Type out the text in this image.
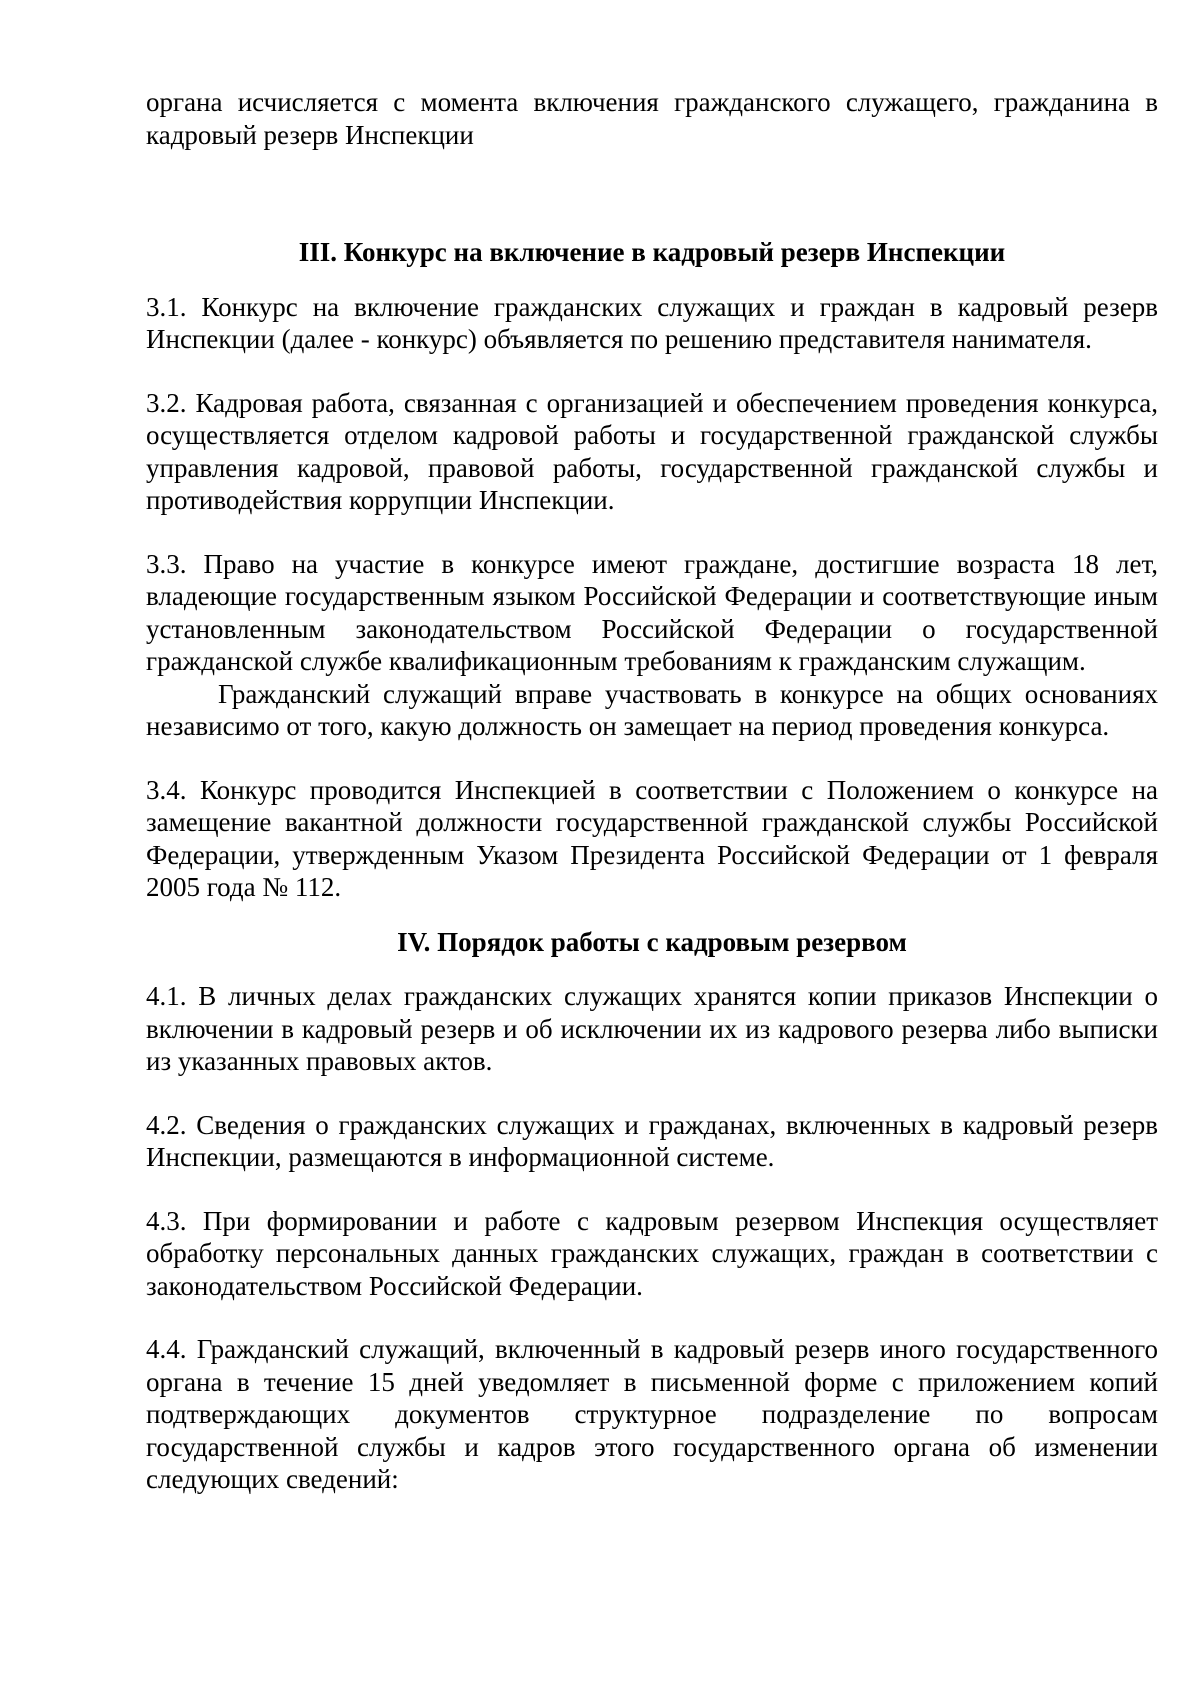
органа исчисляется с момента включения гражданского служащего, гражданина в кадровый резерв Инспекции

III. Конкурс на включение в кадровый резерв Инспекции

3.1. Конкурс на включение гражданских служащих и граждан в кадровый резерв Инспекции (далее - конкурс) объявляется по решению представителя нанимателя.

3.2. Кадровая работа, связанная с организацией и обеспечением проведения конкурса, осуществляется отделом кадровой работы и государственной гражданской службы управления кадровой, правовой работы, государственной гражданской службы и противодействия коррупции Инспекции.

3.3. Право на участие в конкурсе имеют граждане, достигшие возраста 18 лет, владеющие государственным языком Российской Федерации и соответствующие иным установленным законодательством Российской Федерации о государственной гражданской службе квалификационным требованиям к гражданским служащим.

Гражданский служащий вправе участвовать в конкурсе на общих основаниях независимо от того, какую должность он замещает на период проведения конкурса.

3.4. Конкурс проводится Инспекцией в соответствии с Положением о конкурсе на замещение вакантной должности государственной гражданской службы Российской Федерации, утвержденным Указом Президента Российской Федерации от 1 февраля 2005 года № 112.

IV. Порядок работы с кадровым резервом

4.1. В личных делах гражданских служащих хранятся копии приказов Инспекции о включении в кадровый резерв и об исключении их из кадрового резерва либо выписки из указанных правовых актов.

4.2. Сведения о гражданских служащих и гражданах, включенных в кадровый резерв Инспекции, размещаются в информационной системе.

4.3. При формировании и работе с кадровым резервом Инспекция осуществляет обработку персональных данных гражданских служащих, граждан в соответствии с законодательством Российской Федерации.

4.4. Гражданский служащий, включенный в кадровый резерв иного государственного органа в течение 15 дней уведомляет в письменной форме с приложением копий подтверждающих документов структурное подразделение по вопросам государственной службы и кадров этого государственного органа об изменении следующих сведений:
